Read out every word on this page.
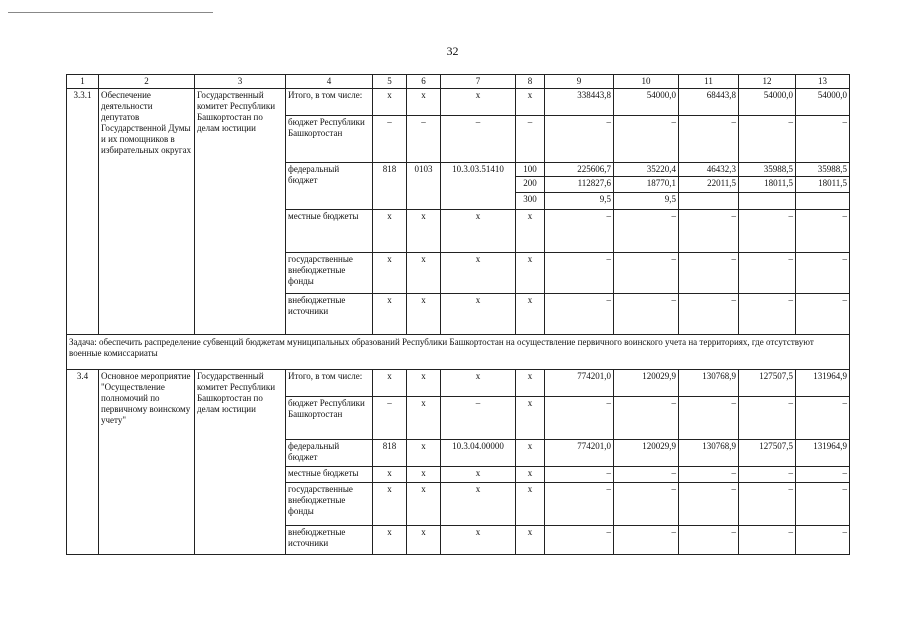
32
1	2	3	4	5	6	7	8	9	10	11	12	13
3.3.1	Обеспечение деятельности депутатов Государственной Думы и их помощников в избирательных округах	Государственный комитет Республики Башкортостан по делам юстиции	Итого, в том числе:	x	x	x	x	338443,8	54000,0	68443,8	54000,0	54000,0
			бюджет Республики Башкортостан	–	–	–	–	–	–	–	–	–
			федеральный бюджет	818	0103	10.3.03.51410	100	225606,7	35220,4	46432,3	35988,5	35988,5
							200	112827,6	18770,1	22011,5	18011,5	18011,5
							300	9,5	9,5			
			местные бюджеты	x	x	x	x	–	–	–	–	–
			государственные внебюджетные фонды	x	x	x	x	–	–	–	–	–
			внебюджетные источники	x	x	x	x	–	–	–	–	–
Задача: обеспечить распределение субвенций бюджетам муниципальных образований Республики Башкортостан на осуществление первичного воинского учета на территориях, где отсутствуют военные комиссариаты												
3.4	Основное мероприятие "Осуществление полномочий по первичному воинскому учету"	Государственный комитет Республики Башкортостан по делам юстиции	Итого, в том числе:	x	x	x	x	774201,0	120029,9	130768,9	127507,5	131964,9
			бюджет Республики Башкортостан	–	x	–	x	–	–	–	–	–
			федеральный бюджет	818	x	10.3.04.00000	x	774201,0	120029,9	130768,9	127507,5	131964,9
			местные бюджеты	x	x	x	x	–	–	–	–	–
			государственные внебюджетные фонды	x	x	x	x	–	–	–	–	–
			внебюджетные источники	x	x	x	x	–	–	–	–	–
